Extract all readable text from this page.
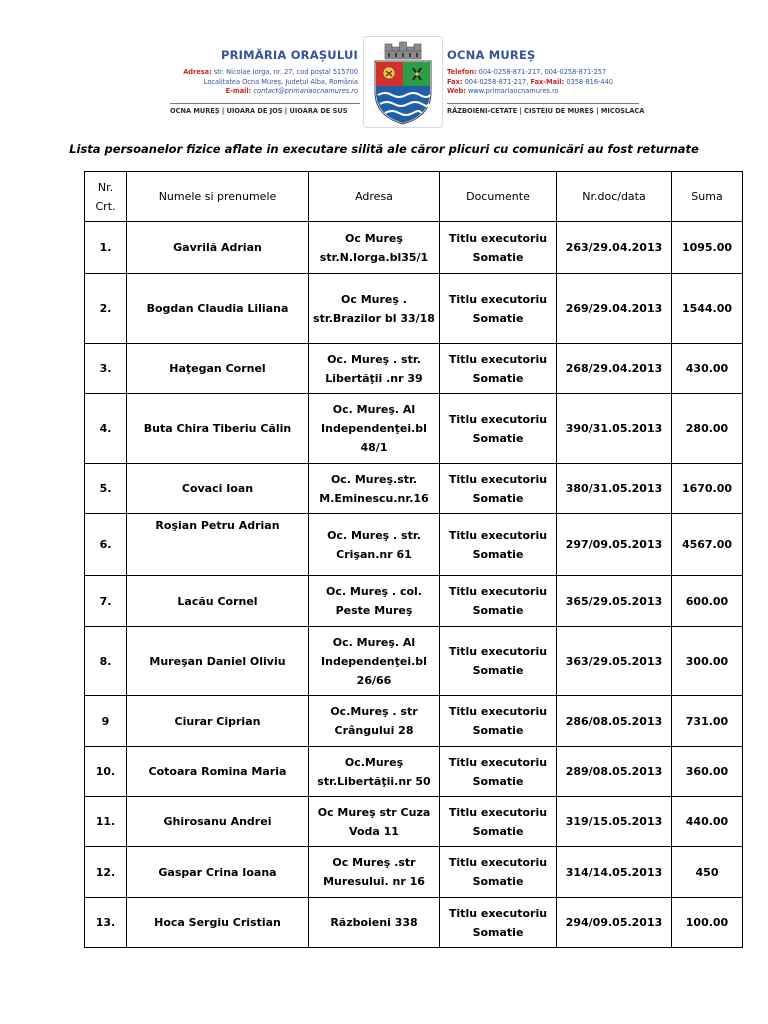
PRIMĂRIA ORAȘULUI
Adresa: str. Nicolae Iorga, nr. 27, cod poștal 515700
Localitatea Ocna Mureș, Județul Alba, România
E-mail: contact@primariaocnamures.ro
OCNA MUREȘ | UIOARA DE JOS | UIOARA DE SUS
OCNA MUREȘ
Telefon: 004-0258-871-217, 004-0258-871-257
Fax: 004-0258-871-217, Fax-Mail: 0358-816-440
Web: www.primariaocnamures.ro
RĂZBOIENI-CETATE | CISTEIU DE MUREȘ | MICOȘLACA
Lista persoanelor fizice aflate in executare silită ale căror plicuri cu comunicări au fost returnate
Nr. Crt.	Numele si prenumele	Adresa	Documente	Nr.doc/data	Suma
1.	Gavrilă Adrian	Oc Mureş str.N.Iorga.bl35/1	Titlu executoriu Somatie	263/29.04.2013	1095.00
2.	Bogdan Claudia Liliana	Oc Mureş . str.Brazilor bl 33/18	Titlu executoriu Somatie	269/29.04.2013	1544.00
3.	Haţegan Cornel	Oc. Mureş . str. Libertăţii .nr 39	Titlu executoriu Somatie	268/29.04.2013	430.00
4.	Buta Chira Tiberiu Călin	Oc. Mureş. Al Independenţei.bl 48/1	Titlu executoriu Somatie	390/31.05.2013	280.00
5.	Covaci Ioan	Oc. Mureş.str. M.Eminescu.nr.16	Titlu executoriu Somatie	380/31.05.2013	1670.00
6.	Roşian Petru Adrian	Oc. Mureş . str. Crişan.nr 61	Titlu executoriu Somatie	297/09.05.2013	4567.00
7.	Lacău Cornel	Oc. Mureş . col. Peste Mureş	Titlu executoriu Somatie	365/29.05.2013	600.00
8.	Mureşan Daniel Oliviu	Oc. Mureş. Al Independenţei.bl 26/66	Titlu executoriu Somatie	363/29.05.2013	300.00
9	Ciurar Ciprian	Oc.Mureş . str Crângului 28	Titlu executoriu Somatie	286/08.05.2013	731.00
10.	Cotoara Romina Maria	Oc.Mureş str.Libertăţii.nr 50	Titlu executoriu Somatie	289/08.05.2013	360.00
11.	Ghirosanu Andrei	Oc Mureş str Cuza Voda 11	Titlu executoriu Somatie	319/15.05.2013	440.00
12.	Gaspar Crina Ioana	Oc Mureş .str Muresului. nr 16	Titlu executoriu Somatie	314/14.05.2013	450
13.	Hoca Sergiu Cristian	Războieni 338	Titlu executoriu Somatie	294/09.05.2013	100.00
